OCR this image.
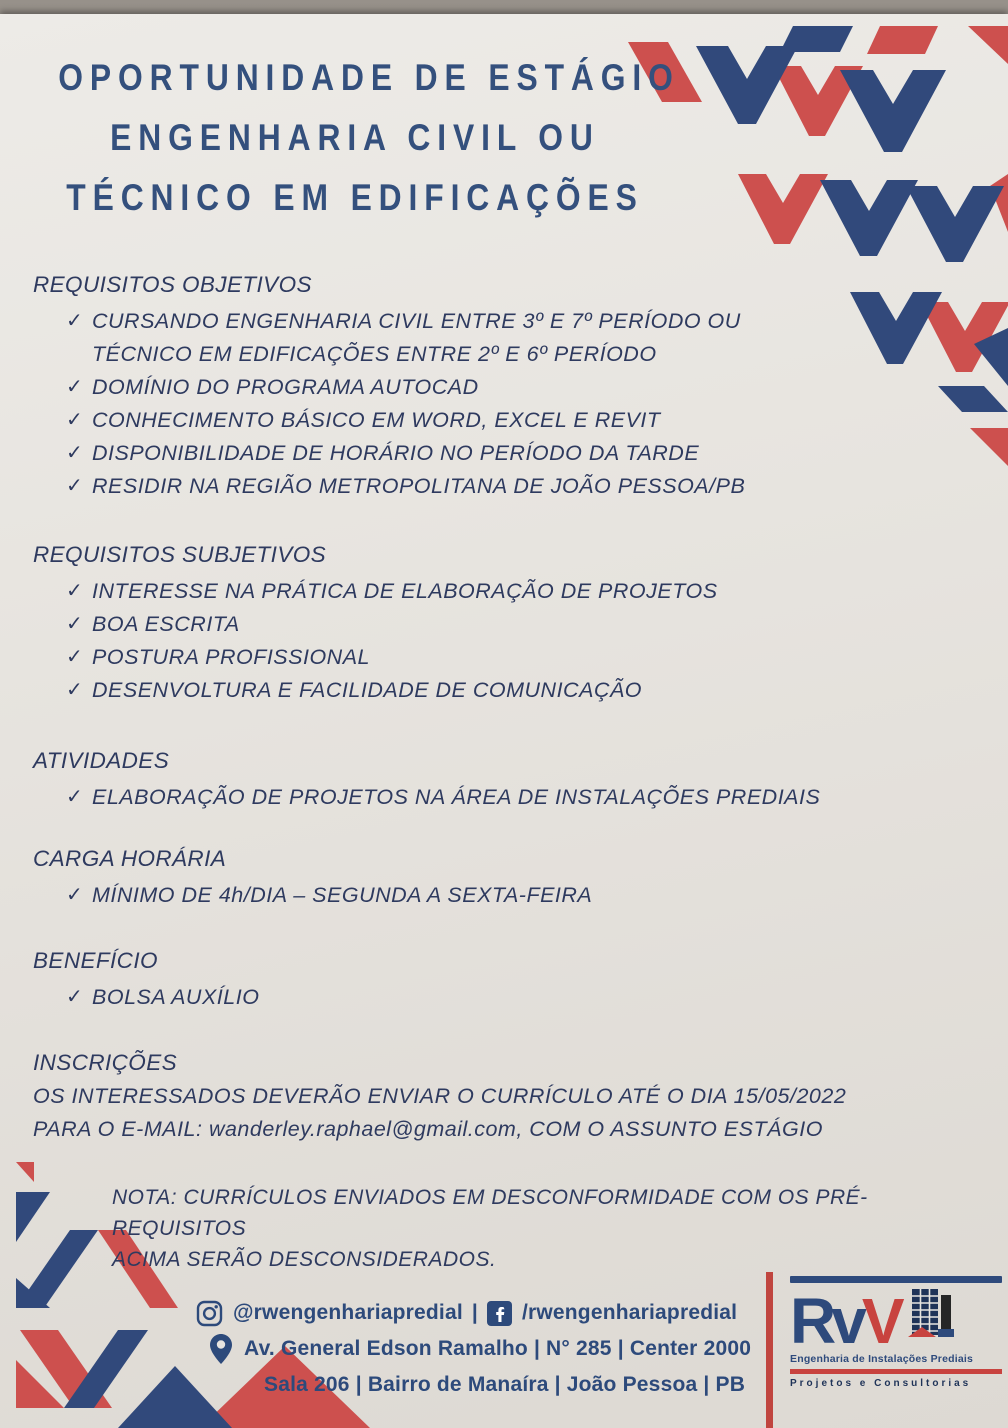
OPORTUNIDADE DE ESTÁGIO
ENGENHARIA CIVIL OU
TÉCNICO EM EDIFICAÇÕES
REQUISITOS OBJETIVOS
✓ CURSANDO ENGENHARIA CIVIL ENTRE 3º E 7º PERÍODO OU
TÉCNICO EM EDIFICAÇÕES ENTRE 2º E 6º PERÍODO
✓ DOMÍNIO DO PROGRAMA AUTOCAD
✓ CONHECIMENTO BÁSICO EM WORD, EXCEL E REVIT
✓ DISPONIBILIDADE DE HORÁRIO NO PERÍODO DA TARDE
✓ RESIDIR NA REGIÃO METROPOLITANA DE JOÃO PESSOA/PB
REQUISITOS SUBJETIVOS
✓ INTERESSE NA PRÁTICA DE ELABORAÇÃO DE PROJETOS
✓ BOA ESCRITA
✓ POSTURA PROFISSIONAL
✓ DESENVOLTURA E FACILIDADE DE COMUNICAÇÃO
ATIVIDADES
✓ ELABORAÇÃO DE PROJETOS NA ÁREA DE INSTALAÇÕES PREDIAIS
CARGA HORÁRIA
✓ MÍNIMO DE 4h/DIA – SEGUNDA A SEXTA-FEIRA
BENEFÍCIO
✓ BOLSA AUXÍLIO
INSCRIÇÕES
OS INTERESSADOS DEVERÃO ENVIAR O CURRÍCULO ATÉ O DIA 15/05/2022
PARA O E-MAIL: wanderley.raphael@gmail.com, COM O ASSUNTO ESTÁGIO
NOTA: CURRÍCULOS ENVIADOS EM DESCONFORMIDADE COM OS PRÉ-REQUISITOS
ACIMA SERÃO DESCONSIDERADOS.
@rwengenhariapredial | /rwengenhariapredial
Av. General Edson Ramalho | N° 285 | Center 2000
Sala 206 | Bairro de Manaíra | João Pessoa | PB
RvV
Engenharia de Instalações Prediais
Projetos e Consultorias
